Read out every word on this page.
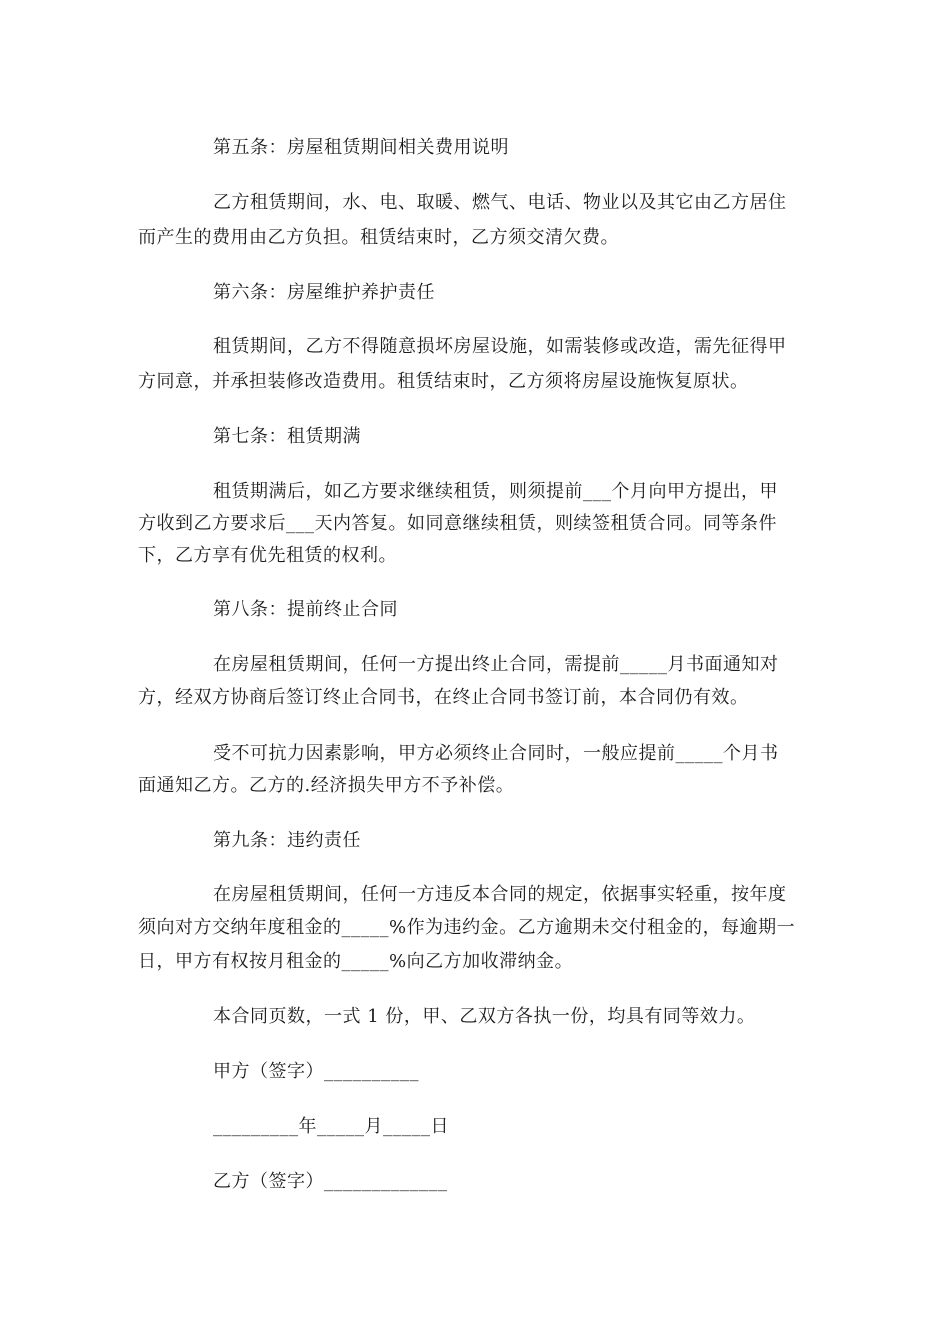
第五条：房屋租赁期间相关费用说明
乙方租赁期间，水、电、取暖、燃气、电话、物业以及其它由乙方居住
而产生的费用由乙方负担。租赁结束时，乙方须交清欠费。
第六条：房屋维护养护责任
租赁期间，乙方不得随意损坏房屋设施，如需装修或改造，需先征得甲
方同意，并承担装修改造费用。租赁结束时，乙方须将房屋设施恢复原状。
第七条：租赁期满
租赁期满后，如乙方要求继续租赁，则须提前___个月向甲方提出，甲
方收到乙方要求后___天内答复。如同意继续租赁，则续签租赁合同。同等条件
下，乙方享有优先租赁的权利。
第八条：提前终止合同
在房屋租赁期间，任何一方提出终止合同，需提前_____月书面通知对
方，经双方协商后签订终止合同书，在终止合同书签订前，本合同仍有效。
受不可抗力因素影响，甲方必须终止合同时，一般应提前_____个月书
面通知乙方。乙方的.经济损失甲方不予补偿。
第九条：违约责任
在房屋租赁期间，任何一方违反本合同的规定，依据事实轻重，按年度
须向对方交纳年度租金的_____%作为违约金。乙方逾期未交付租金的，每逾期一
日，甲方有权按月租金的_____%向乙方加收滞纳金。
本合同页数，一式 1 份，甲、乙双方各执一份，均具有同等效力。
甲方（签字）__________
_________年_____月_____日
乙方（签字）_____________
